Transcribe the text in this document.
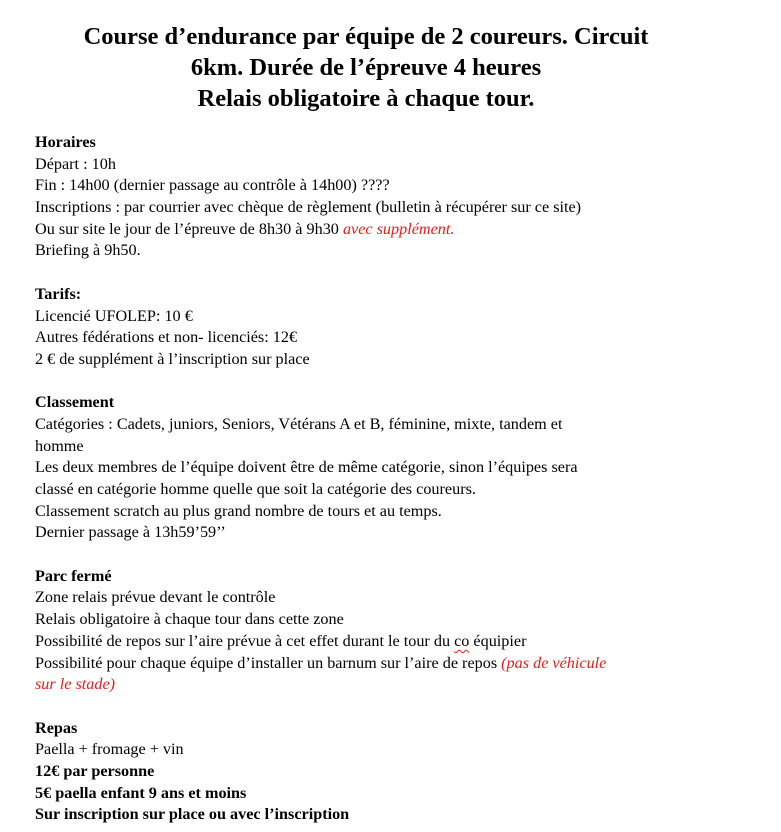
Course d’endurance par équipe de 2 coureurs. Circuit
6km. Durée de l’épreuve 4 heures
Relais obligatoire à chaque tour.
Horaires
Départ : 10h
Fin : 14h00 (dernier passage au contrôle à 14h00) ????
Inscriptions : par courrier avec chèque de règlement (bulletin à récupérer sur ce site)
Ou sur site le jour de l’épreuve de 8h30 à 9h30 avec supplément.
Briefing à 9h50.
Tarifs:
Licencié UFOLEP: 10 €
Autres fédérations et non- licenciés: 12€
2 € de supplément à l’inscription sur place
Classement
Catégories : Cadets, juniors, Seniors, Vétérans A et B, féminine, mixte, tandem et
homme
Les deux membres de l’équipe doivent être de même catégorie, sinon l’équipes sera
classé en catégorie homme quelle que soit la catégorie des coureurs.
Classement scratch au plus grand nombre de tours et au temps.
Dernier passage à 13h59’59’’
Parc fermé
Zone relais prévue devant le contrôle
Relais obligatoire à chaque tour dans cette zone
Possibilité de repos sur l’aire prévue à cet effet durant le tour du co équipier
Possibilité pour chaque équipe d’installer un barnum sur l’aire de repos (pas de véhicule
sur le stade)
Repas
Paella + fromage + vin
12€ par personne
5€ paella enfant 9 ans et moins
Sur inscription sur place ou avec l’inscription
